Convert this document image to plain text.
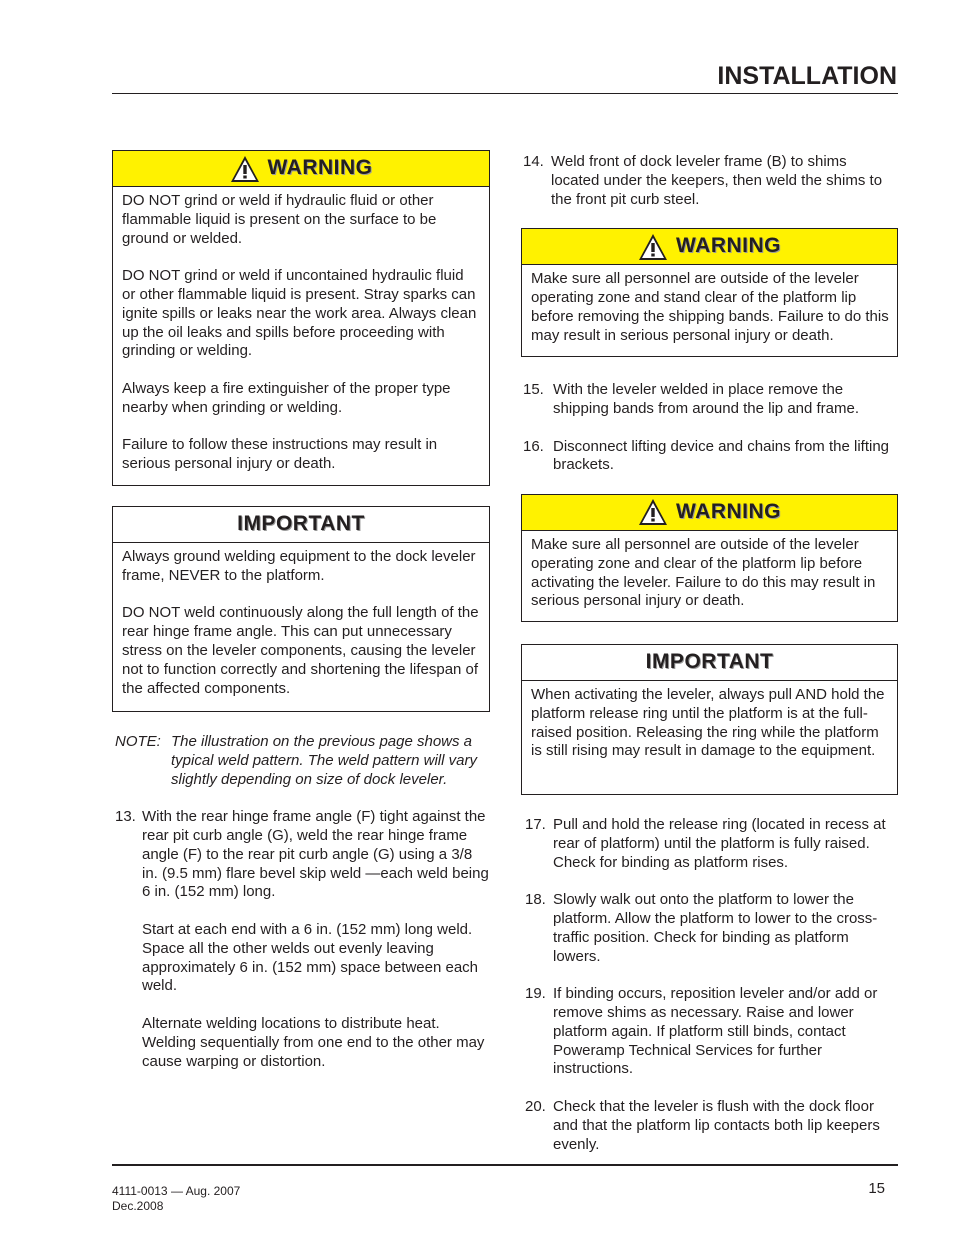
INSTALLATION
WARNING

DO NOT grind or weld if hydraulic fluid or other flammable liquid is present on the surface to be ground or welded.

DO NOT grind or weld if uncontained hydraulic fluid or other flammable liquid is present. Stray sparks can ignite spills or leaks near the work area. Always clean up the oil leaks and spills before proceeding with grinding or welding.

Always keep a fire extinguisher of the proper type nearby when grinding or welding.

Failure to follow these instructions may result in serious personal injury or death.

IMPORTANT

Always ground welding equipment to the dock leveler frame, NEVER to the platform.

DO NOT weld continuously along the full length of the rear hinge frame angle. This can put unnecessary stress on the leveler components, causing the leveler not to function correctly and shortening the lifespan of the affected components.

NOTE: The illustration on the previous page shows a typical weld pattern. The weld pattern will vary slightly depending on size of dock leveler.
13. With the rear hinge frame angle (F) tight against the rear pit curb angle (G), weld the rear hinge frame angle (F) to the rear pit curb angle (G) using a 3/8 in. (9.5 mm) flare bevel skip weld —each weld being 6 in. (152 mm) long.

Start at each end with a 6 in. (152 mm) long weld. Space all the other welds out evenly leaving approximately 6 in. (152 mm) space between each weld.

Alternate welding locations to distribute heat. Welding sequentially from one end to the other may cause warping or distortion.

14. Weld front of dock leveler frame (B) to shims located under the keepers, then weld the shims to the front pit curb steel.
WARNING

Make sure all personnel are outside of the leveler operating zone and stand clear of the platform lip before removing the shipping bands. Failure to do this may result in serious personal injury or death.

15. With the leveler welded in place remove the shipping bands from around the lip and frame.
16. Disconnect lifting device and chains from the lifting brackets.
WARNING

Make sure all personnel are outside of the leveler operating zone and clear of the platform lip before activating the leveler. Failure to do this may result in serious personal injury or death.

IMPORTANT

When activating the leveler, always pull AND hold the platform release ring until the platform is at the full-raised position. Releasing the ring while the platform is still rising may result in damage to the equipment.

17. Pull and hold the release ring (located in recess at rear of platform) until the platform is fully raised. Check for binding as platform rises.
18. Slowly walk out onto the platform to lower the platform. Allow the platform to lower to the cross-traffic position. Check for binding as platform lowers.
19. If binding occurs, reposition leveler and/or add or remove shims as necessary. Raise and lower platform again. If platform still binds, contact Poweramp Technical Services for further instructions.
20. Check that the leveler is flush with the dock floor and that the platform lip contacts both lip keepers evenly.
4111-0013 — Aug. 2007
Dec.2008
15
